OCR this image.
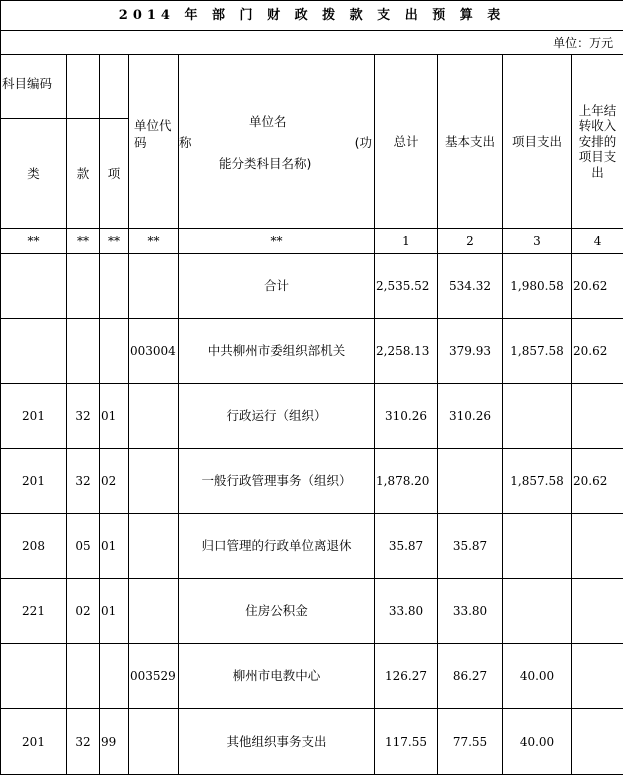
2014 年 部 门 财 政 拨 款 支 出 预 算 表								
单位：万元								
科目编码			单位代码	单位名
称 (功
能分类科目名称)	总计	基本支出	项目支出	上年结转收入安排的项目支出
类	款	项						
**	**	**	**	**	1	2	3	4
				合计	2,535.52	534.32	1,980.58	20.62
			003004	中共柳州市委组织部机关	2,258.13	379.93	1,857.58	20.62
201	32	01		行政运行（组织）	310.26	310.26		
201	32	02		一般行政管理事务（组织）	1,878.20		1,857.58	20.62
208	05	01		归口管理的行政单位离退休	35.87	35.87		
221	02	01		住房公积金	33.80	33.80		
			003529	柳州市电教中心	126.27	86.27	40.00	
201	32	99		其他组织事务支出	117.55	77.55	40.00	
